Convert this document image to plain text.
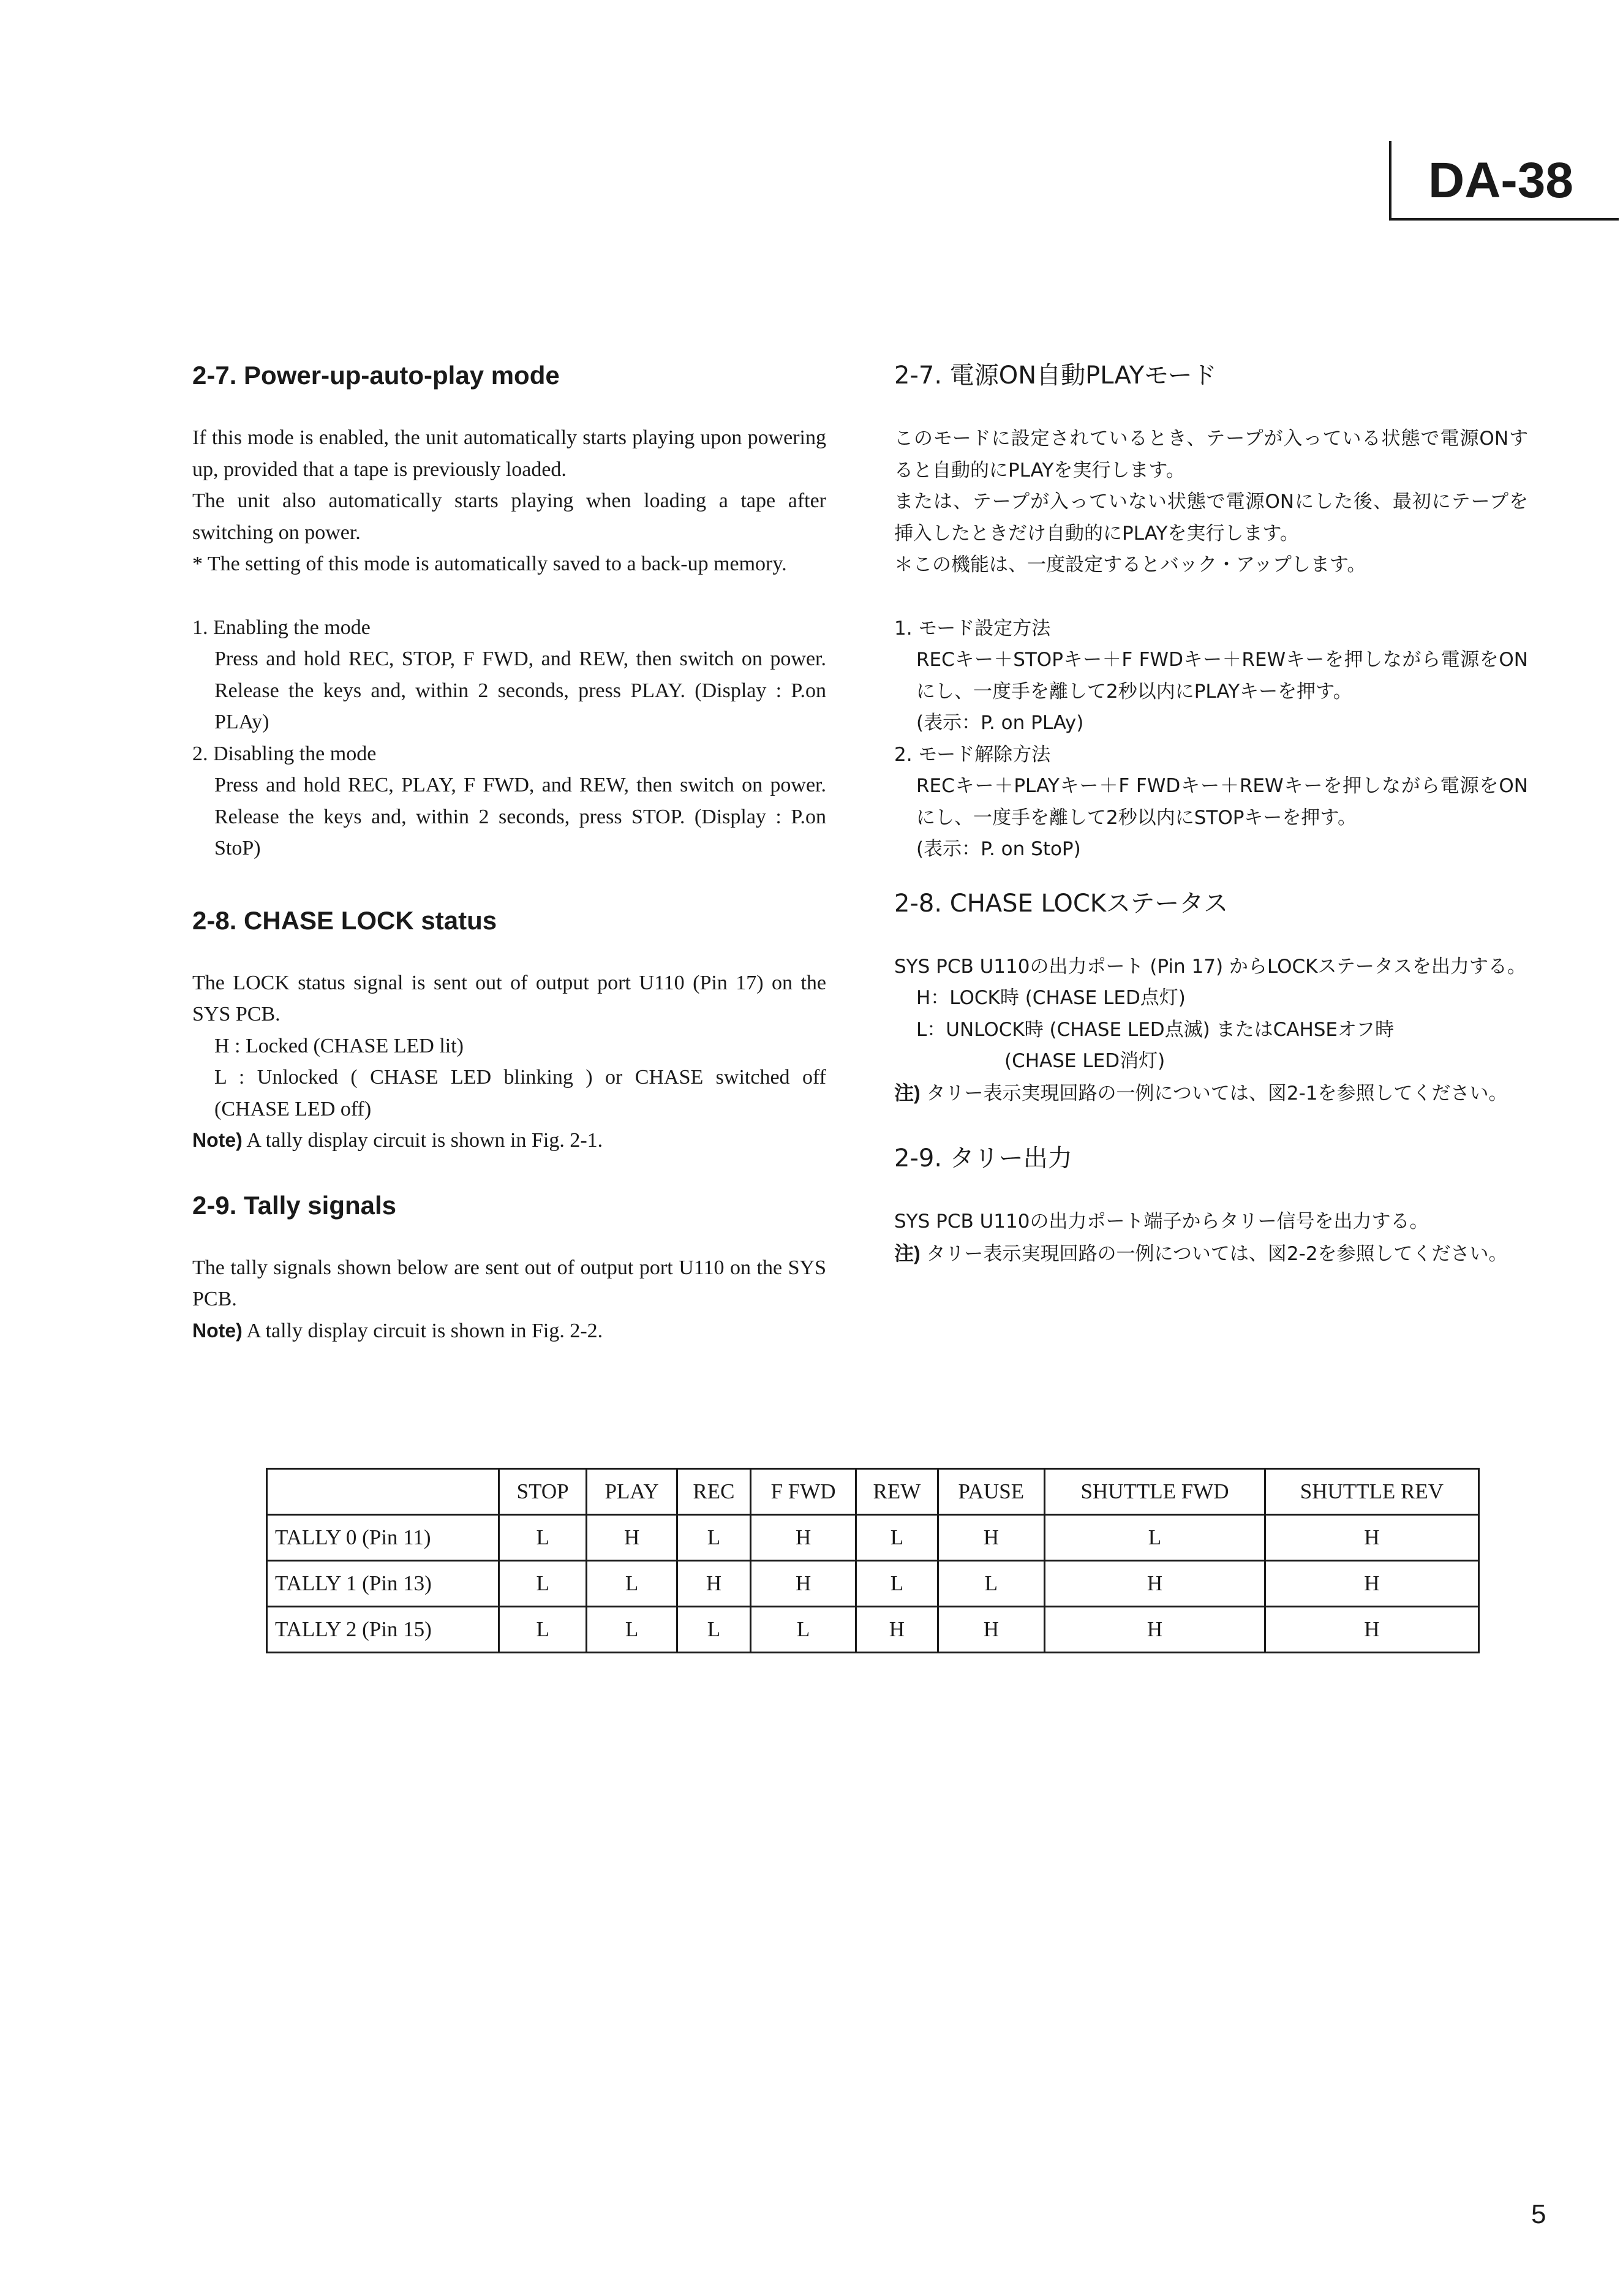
DA-38
2-7. Power-up-auto-play mode

If this mode is enabled, the unit automatically starts playing upon powering up, provided that a tape is previously loaded.

The unit also automatically starts playing when loading a tape after switching on power.

* The setting of this mode is automatically saved to a back-up memory.

1. Enabling the mode

Press and hold REC, STOP, F FWD, and REW, then switch on power. Release the keys and, within 2 seconds, press PLAY. (Display : P.on PLAy)

2. Disabling the mode

Press and hold REC, PLAY, F FWD, and REW, then switch on power. Release the keys and, within 2 seconds, press STOP. (Display : P.on StoP)

2-8. CHASE LOCK status

The LOCK status signal is sent out of output port U110 (Pin 17) on the SYS PCB.

H : Locked (CHASE LED lit)

L : Unlocked ( CHASE LED blinking ) or CHASE switched off (CHASE LED off)

Note) A tally display circuit is shown in Fig. 2-1.

2-9. Tally signals

The tally signals shown below are sent out of output port U110 on the SYS PCB.

Note) A tally display circuit is shown in Fig. 2-2.

2-7. 電源ON自動PLAYモード

このモードに設定されているとき、テープが入っている状態で電源ONすると自動的にPLAYを実行します。

または、テープが入っていない状態で電源ONにした後、最初にテープを挿入したときだけ自動的にPLAYを実行します。

＊この機能は、一度設定するとバック・アップします。

1. モード設定方法

RECキー＋STOPキー＋F FWDキー＋REWキーを押しながら電源をONにし、一度手を離して2秒以内にPLAYキーを押す。

(表示：P. on PLAy)

2. モード解除方法

RECキー＋PLAYキー＋F FWDキー＋REWキーを押しながら電源をONにし、一度手を離して2秒以内にSTOPキーを押す。

(表示：P. on StoP)

2-8. CHASE LOCKステータス

SYS PCB U110の出力ポート (Pin 17) からLOCKステータスを出力する。

H：LOCK時 (CHASE LED点灯)

L：UNLOCK時 (CHASE LED点滅) またはCAHSEオフ時

(CHASE LED消灯)

注) タリー表示実現回路の一例については、図2-1を参照してください。

2-9. タリー出力

SYS PCB U110の出力ポート端子からタリー信号を出力する。

注) タリー表示実現回路の一例については、図2-2を参照してください。

	STOP	PLAY	REC	F FWD	REW	PAUSE	SHUTTLE FWD	SHUTTLE REV
TALLY 0 (Pin 11)	L	H	L	H	L	H	L	H
TALLY 1 (Pin 13)	L	L	H	H	L	L	H	H
TALLY 2 (Pin 15)	L	L	L	L	H	H	H	H
5
